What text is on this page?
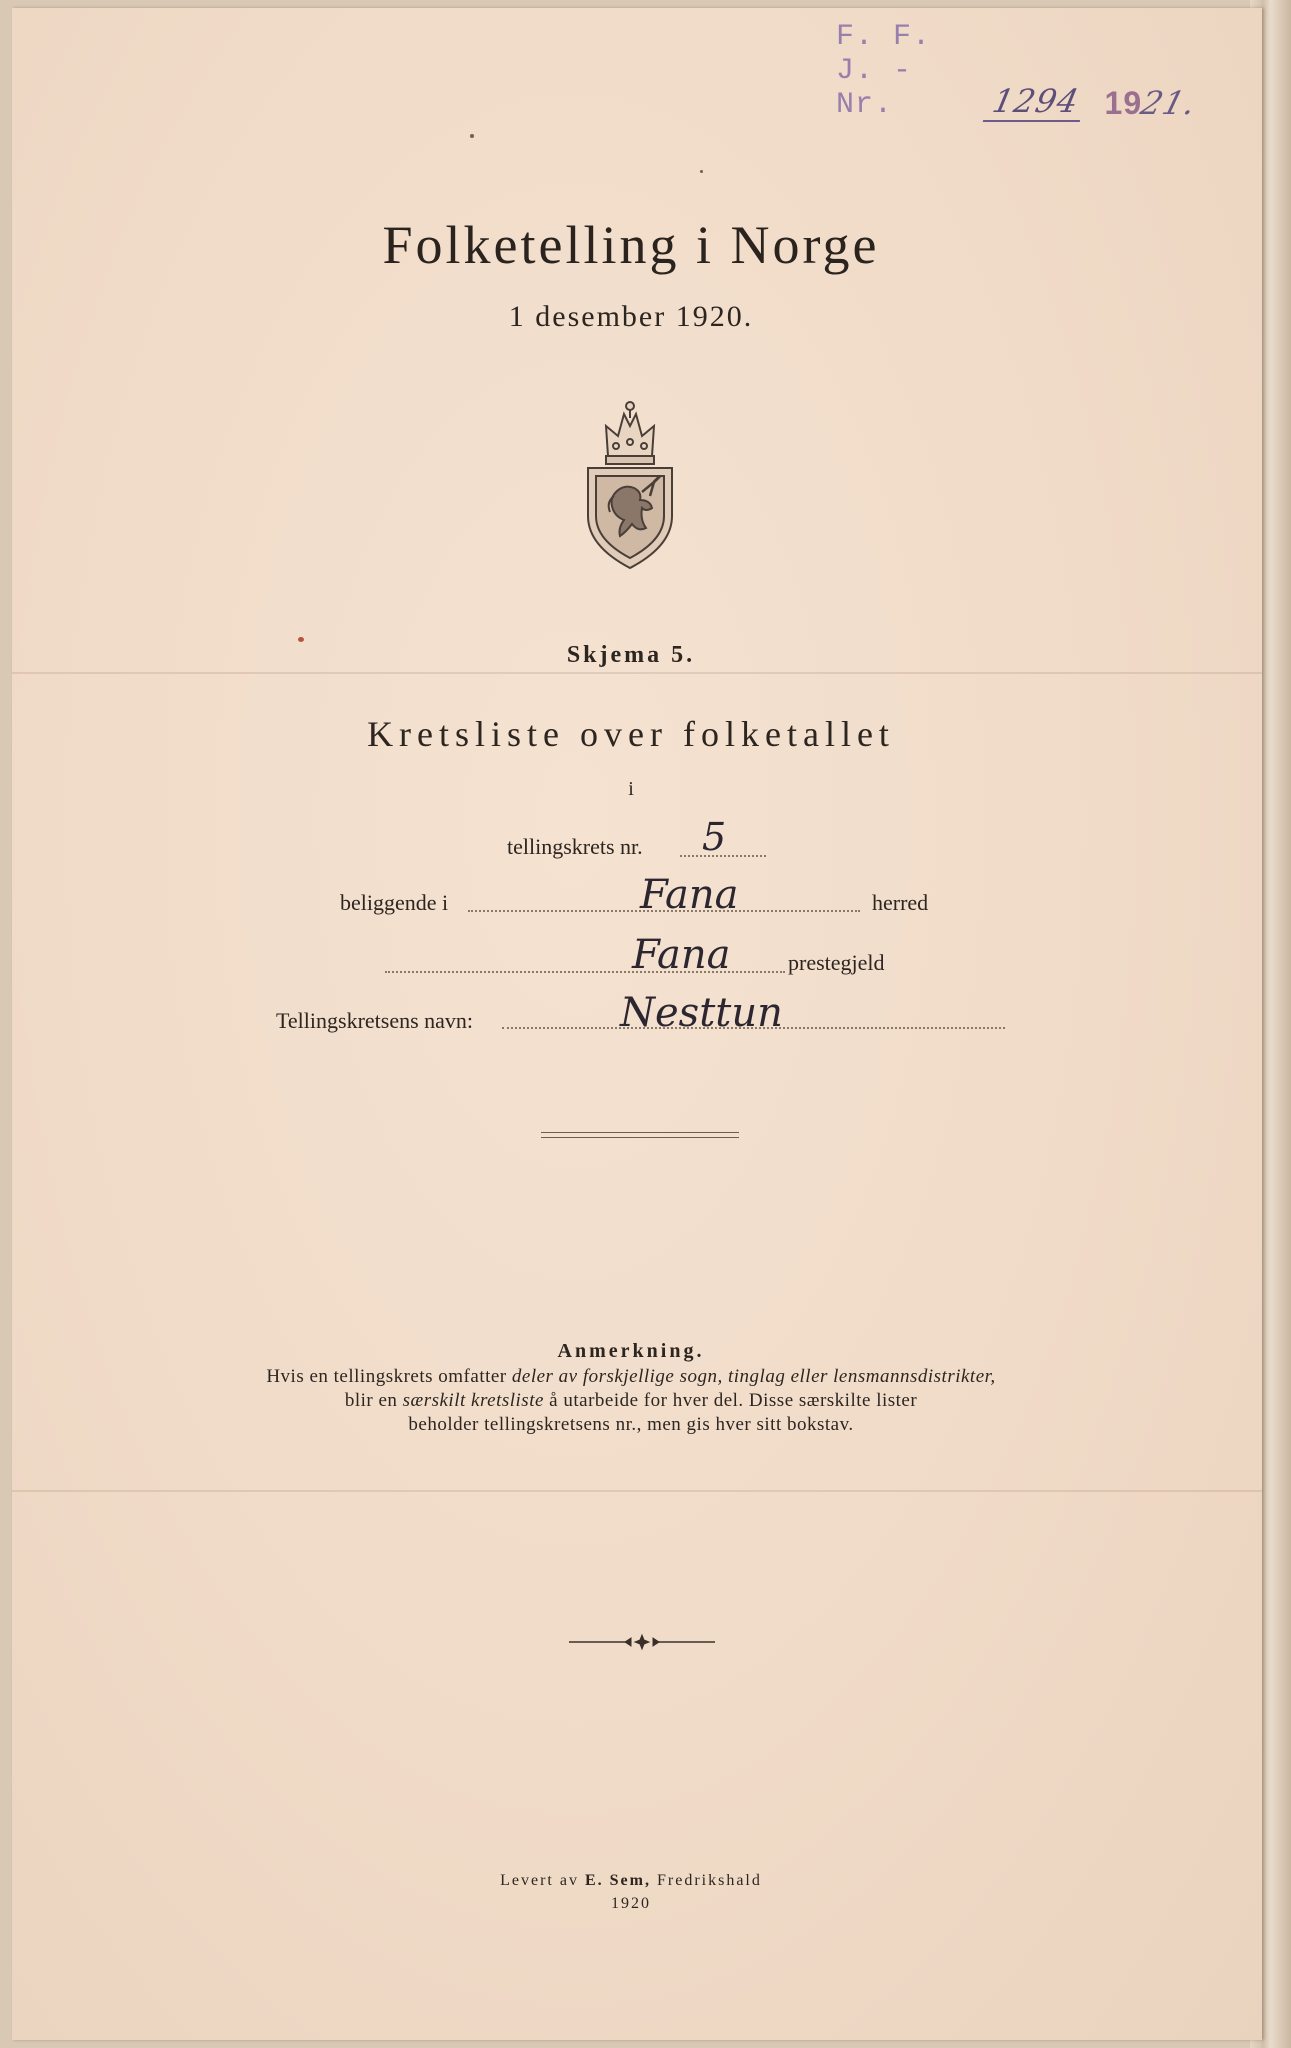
F. F. J. - Nr.	1294 19
21.
Folketelling i Norge
1 desember 1920.
Skjema 5.
Kretsliste over folketallet
i
tellingskrets nr. 5
beliggende i	Fana	herred
Fana	prestegjeld
Tellingskretsens navn:	Nesttun
Anmerkning.
Hvis en tellingskrets omfatter deler av forskjellige sogn, tinglag eller lensmannsdistrikter,
blir en særskilt kretsliste å utarbeide for hver del. Disse særskilte lister
beholder tellingskretsens nr., men gis hver sitt bokstav.
Levert av E. Sem, Fredrikshald
1920
